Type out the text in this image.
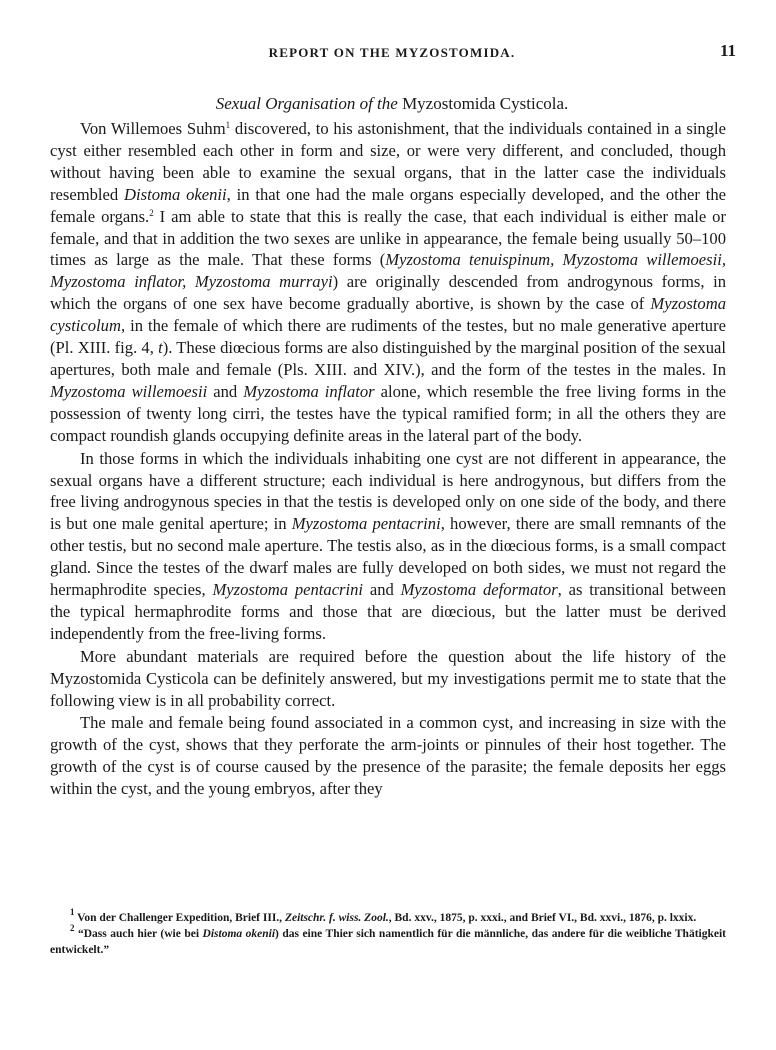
REPORT ON THE MYZOSTOMIDA.	11
Sexual Organisation of the Myzostomida Cysticola.

Von Willemoes Suhm$^1$ discovered, to his astonishment, that the individuals contained in a single cyst either resembled each other in form and size, or were very different, and concluded, though without having been able to examine the sexual organs, that in the latter case the individuals resembled Distoma okenii, in that one had the male organs especially developed, and the other the female organs.$^2$ I am able to state that this is really the case, that each individual is either male or female, and that in addition the two sexes are unlike in appearance, the female being usually 50–100 times as large as the male. That these forms (Myzostoma tenuispinum, Myzostoma willemoesii, Myzostoma inflator, Myzostoma murrayi) are originally descended from androgynous forms, in which the organs of one sex have become gradually abortive, is shown by the case of Myzostoma cysticolum, in the female of which there are rudiments of the testes, but no male generative aperture (Pl. XIII. fig. 4, t). These diœcious forms are also distinguished by the marginal position of the sexual apertures, both male and female (Pls. XIII. and XIV.), and the form of the testes in the males. In Myzostoma willemoesii and Myzostoma inflator alone, which resemble the free living forms in the possession of twenty long cirri, the testes have the typical ramified form; in all the others they are compact roundish glands occupying definite areas in the lateral part of the body.

In those forms in which the individuals inhabiting one cyst are not different in appearance, the sexual organs have a different structure; each individual is here androgynous, but differs from the free living androgynous species in that the testis is developed only on one side of the body, and there is but one male genital aperture; in Myzostoma pentacrini, however, there are small remnants of the other testis, but no second male aperture. The testis also, as in the diœcious forms, is a small compact gland. Since the testes of the dwarf males are fully developed on both sides, we must not regard the hermaphrodite species, Myzostoma pentacrini and Myzostoma deformator, as transitional between the typical hermaphrodite forms and those that are diœcious, but the latter must be derived independently from the free-living forms.

More abundant materials are required before the question about the life history of the Myzostomida Cysticola can be definitely answered, but my investigations permit me to state that the following view is in all probability correct.

The male and female being found associated in a common cyst, and increasing in size with the growth of the cyst, shows that they perforate the arm-joints or pinnules of their host together. The growth of the cyst is of course caused by the presence of the parasite; the female deposits her eggs within the cyst, and the young embryos, after they

$^1$ Von der Challenger Expedition, Brief III., Zeitschr. f. wiss. Zool., Bd. xxv., 1875, p. xxxi., and Brief VI., Bd. xxvi., 1876, p. lxxix.

$^2$ “Dass auch hier (wie bei Distoma okenii) das eine Thier sich namentlich für die männliche, das andere für die weibliche Thätigkeit entwickelt.”
